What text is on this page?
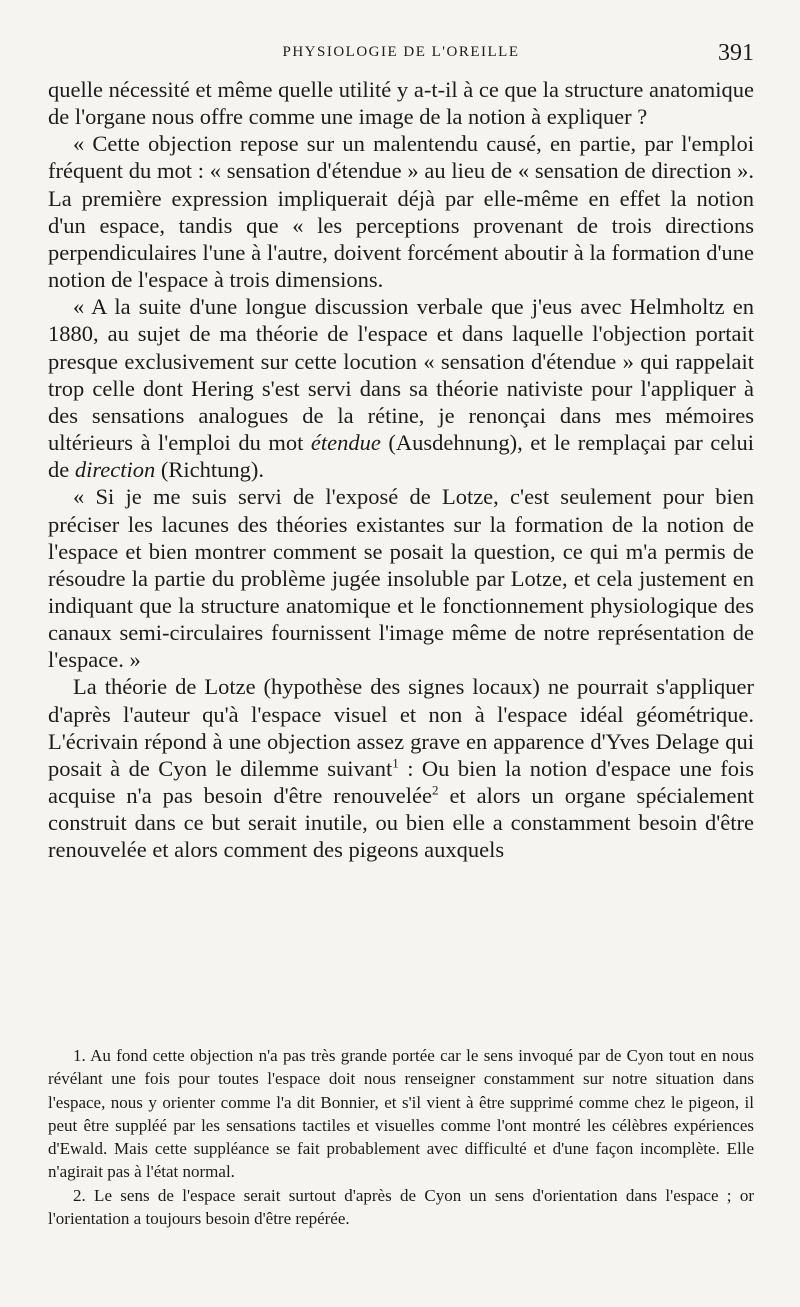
PHYSIOLOGIE DE L'OREILLE	391

quelle nécessité et même quelle utilité y a-t-il à ce que la structure anatomique de l'organe nous offre comme une image de la notion à expliquer ?

« Cette objection repose sur un malentendu causé, en partie, par l'emploi fréquent du mot : « sensation d'étendue » au lieu de « sensation de direction ». La première expression impliquerait déjà par elle-même en effet la notion d'un espace, tandis que « les perceptions provenant de trois directions perpendiculaires l'une à l'autre, doivent forcément aboutir à la formation d'une notion de l'espace à trois dimensions.

« A la suite d'une longue discussion verbale que j'eus avec Helmholtz en 1880, au sujet de ma théorie de l'espace et dans laquelle l'objection portait presque exclusivement sur cette locution « sensation d'étendue » qui rappelait trop celle dont Hering s'est servi dans sa théorie nativiste pour l'appliquer à des sensations analogues de la rétine, je renonçai dans mes mémoires ultérieurs à l'emploi du mot étendue (Ausdehnung), et le remplaçai par celui de direction (Richtung).

« Si je me suis servi de l'exposé de Lotze, c'est seulement pour bien préciser les lacunes des théories existantes sur la formation de la notion de l'espace et bien montrer comment se posait la question, ce qui m'a permis de résoudre la partie du problème jugée insoluble par Lotze, et cela justement en indiquant que la structure anatomique et le fonctionnement physiologique des canaux semi-circulaires fournissent l'image même de notre représentation de l'espace. »

La théorie de Lotze (hypothèse des signes locaux) ne pourrait s'appliquer d'après l'auteur qu'à l'espace visuel et non à l'espace idéal géométrique. L'écrivain répond à une objection assez grave en apparence d'Yves Delage qui posait à de Cyon le dilemme suivant$^1$ : Ou bien la notion d'espace une fois acquise n'a pas besoin d'être renouvelée$^2$ et alors un organe spécialement construit dans ce but serait inutile, ou bien elle a constamment besoin d'être renouvelée et alors comment des pigeons auxquels

1. Au fond cette objection n'a pas très grande portée car le sens invoqué par de Cyon tout en nous révélant une fois pour toutes l'espace doit nous renseigner constamment sur notre situation dans l'espace, nous y orienter comme l'a dit Bonnier, et s'il vient à être supprimé comme chez le pigeon, il peut être suppléé par les sensations tactiles et visuelles comme l'ont montré les célèbres expériences d'Ewald. Mais cette suppléance se fait probablement avec difficulté et d'une façon incomplète. Elle n'agirait pas à l'état normal.

2. Le sens de l'espace serait surtout d'après de Cyon un sens d'orientation dans l'espace ; or l'orientation a toujours besoin d'être repérée.
